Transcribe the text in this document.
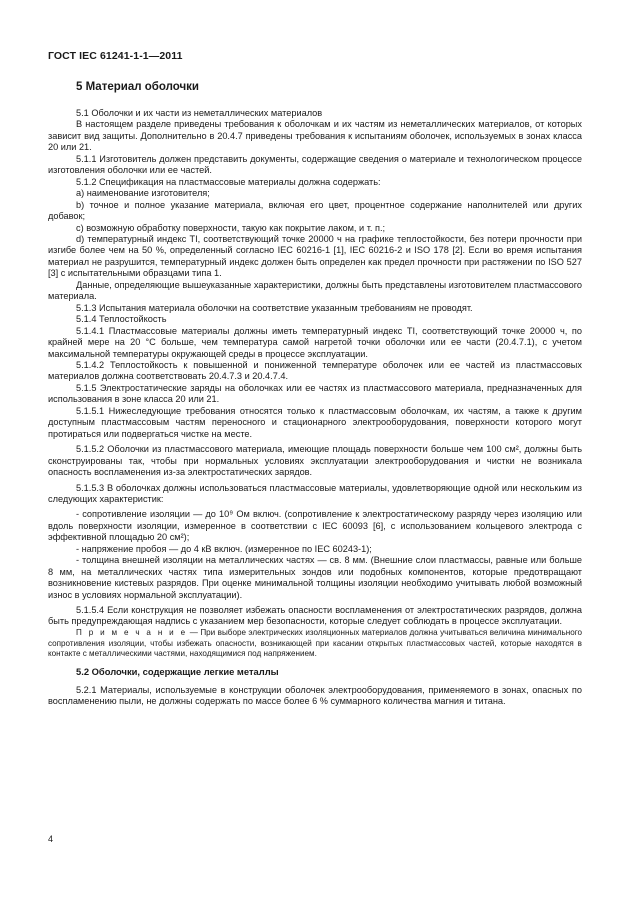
ГОСТ IEC 61241-1-1—2011
5 Материал оболочки

5.1 Оболочки и их части из неметаллических материалов

В настоящем разделе приведены требования к оболочкам и их частям из неметаллических материалов, от которых зависит вид защиты. Дополнительно в 20.4.7 приведены требования к испытаниям оболочек, используемых в зонах класса 20 или 21.

5.1.1 Изготовитель должен представить документы, содержащие сведения о материале и технологическом процессе изготовления оболочки или ее частей.

5.1.2 Спецификация на пластмассовые материалы должна содержать:

а) наименование изготовителя;

b) точное и полное указание материала, включая его цвет, процентное содержание наполнителей или других добавок;

с) возможную обработку поверхности, такую как покрытие лаком, и т. п.;

d) температурный индекс TI, соответствующий точке 20000 ч на графике теплостойкости, без потери прочности при изгибе более чем на 50 %, определенный согласно IEC 60216-1 [1], IEC 60216-2 и ISO 178 [2]. Если во время испытания материал не разрушится, температурный индекс должен быть определен как предел прочности при растяжении по ISO 527 [3] с испытательными образцами типа 1.

Данные, определяющие вышеуказанные характеристики, должны быть представлены изготовителем пластмассового материала.

5.1.3 Испытания материала оболочки на соответствие указанным требованиям не проводят.

5.1.4 Теплостойкость

5.1.4.1 Пластмассовые материалы должны иметь температурный индекс TI, соответствующий точке 20000 ч, по крайней мере на 20 °С больше, чем температура самой нагретой точки оболочки или ее части (20.4.7.1), с учетом максимальной температуры окружающей среды в процессе эксплуатации.

5.1.4.2 Теплостойкость к повышенной и пониженной температуре оболочек или ее частей из пластмассовых материалов должна соответствовать 20.4.7.3 и 20.4.7.4.

5.1.5 Электростатические заряды на оболочках или ее частях из пластмассового материала, предназначенных для использования в зоне класса 20 или 21.

5.1.5.1 Нижеследующие требования относятся только к пластмассовым оболочкам, их частям, а также к другим доступным пластмассовым частям переносного и стационарного электрооборудования, поверхности которого могут протираться или подвергаться чистке на месте.

5.1.5.2 Оболочки из пластмассового материала, имеющие площадь поверхности больше чем 100 см², должны быть сконструированы так, чтобы при нормальных условиях эксплуатации электрооборудования и чистки не возникала опасность воспламенения из-за электростатических зарядов.

5.1.5.3 В оболочках должны использоваться пластмассовые материалы, удовлетворяющие одной или нескольким из следующих характеристик:

- сопротивление изоляции — до 10⁹ Ом включ. (сопротивление к электростатическому разряду через изоляцию или вдоль поверхности изоляции, измеренное в соответствии с IEC 60093 [6], с использованием кольцевого электрода с эффективной площадью 20 см²);

- напряжение пробоя — до 4 кВ включ. (измеренное по IEC 60243-1);

- толщина внешней изоляции на металлических частях — св. 8 мм. (Внешние слои пластмассы, равные или больше 8 мм, на металлических частях типа измерительных зондов или подобных компонентов, которые предотвращают возникновение кистевых разрядов. При оценке минимальной толщины изоляции необходимо учитывать любой возможный износ в условиях нормальной эксплуатации).

5.1.5.4 Если конструкция не позволяет избежать опасности воспламенения от электростатических разрядов, должна быть предупреждающая надпись с указанием мер безопасности, которые следует соблюдать в процессе эксплуатации.

П р и м е ч а н и е — При выборе электрических изоляционных материалов должна учитываться величина минимального сопротивления изоляции, чтобы избежать опасности, возникающей при касании открытых пластмассовых частей, которые находятся в контакте с металлическими частями, находящимися под напряжением.

5.2 Оболочки, содержащие легкие металлы

5.2.1 Материалы, используемые в конструкции оболочек электрооборудования, применяемого в зонах, опасных по воспламенению пыли, не должны содержать по массе более 6 % суммарного количества магния и титана.

4
